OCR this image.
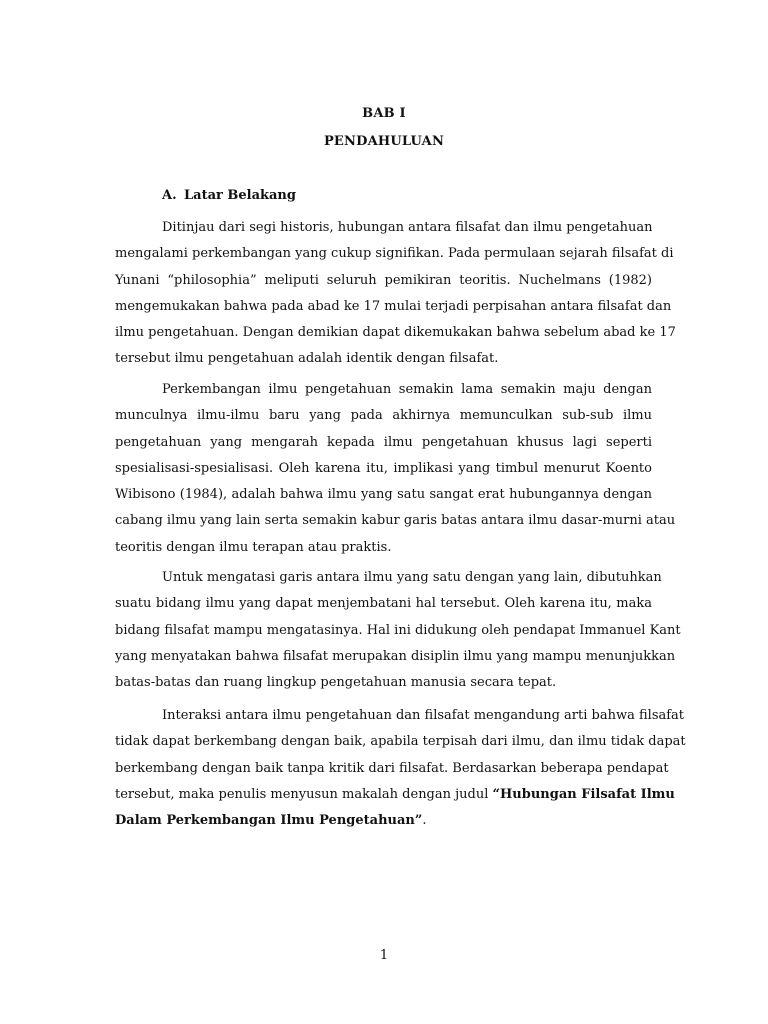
BAB I
PENDAHULUAN
A. Latar Belakang
Ditinjau dari segi historis, hubungan antara filsafat dan ilmu pengetahuan
mengalami perkembangan yang cukup signifikan. Pada permulaan sejarah filsafat di
Yunani “philosophia” meliputi seluruh pemikiran teoritis. Nuchelmans (1982)
mengemukakan bahwa pada abad ke 17 mulai terjadi perpisahan antara filsafat dan
ilmu pengetahuan. Dengan demikian dapat dikemukakan bahwa sebelum abad ke 17
tersebut ilmu pengetahuan adalah identik dengan filsafat.
Perkembangan ilmu pengetahuan semakin lama semakin maju dengan
munculnya ilmu-ilmu baru yang pada akhirnya memunculkan sub-sub ilmu
pengetahuan yang mengarah kepada ilmu pengetahuan khusus lagi seperti
spesialisasi-spesialisasi. Oleh karena itu, implikasi yang timbul menurut Koento
Wibisono (1984), adalah bahwa ilmu yang satu sangat erat hubungannya dengan
cabang ilmu yang lain serta semakin kabur garis batas antara ilmu dasar-murni atau
teoritis dengan ilmu terapan atau praktis.
Untuk mengatasi garis antara ilmu yang satu dengan yang lain, dibutuhkan
suatu bidang ilmu yang dapat menjembatani hal tersebut. Oleh karena itu, maka
bidang filsafat mampu mengatasinya. Hal ini didukung oleh pendapat Immanuel Kant
yang menyatakan bahwa filsafat merupakan disiplin ilmu yang mampu menunjukkan
batas-batas dan ruang lingkup pengetahuan manusia secara tepat.
Interaksi antara ilmu pengetahuan dan filsafat mengandung arti bahwa filsafat
tidak dapat berkembang dengan baik, apabila terpisah dari ilmu, dan ilmu tidak dapat
berkembang dengan baik tanpa kritik dari filsafat. Berdasarkan beberapa pendapat
tersebut, maka penulis menyusun makalah dengan judul “Hubungan Filsafat Ilmu
Dalam Perkembangan Ilmu Pengetahuan”.
1
